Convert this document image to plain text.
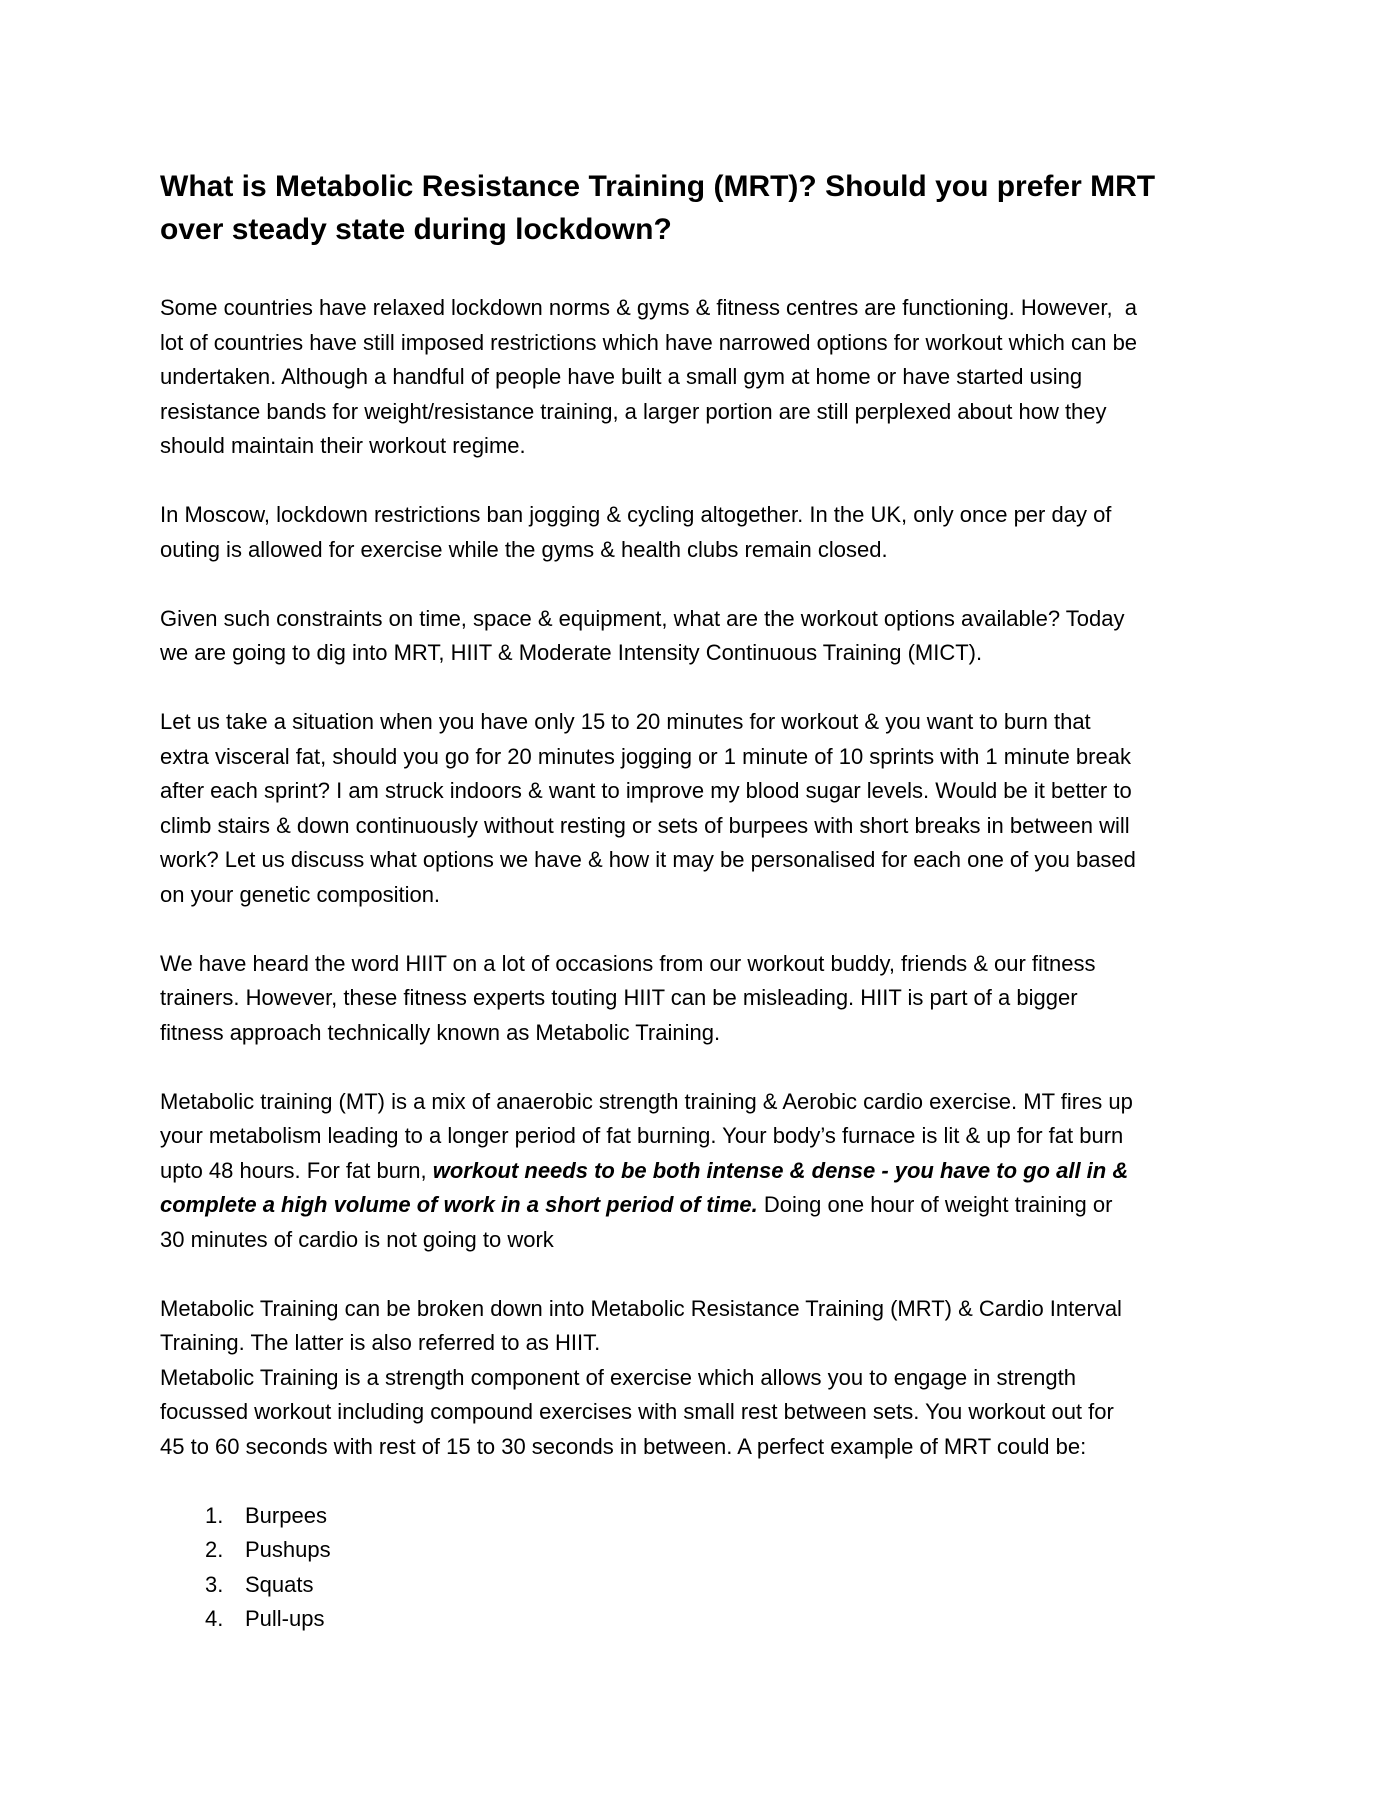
What is Metabolic Resistance Training (MRT)? Should you prefer MRT
over steady state during lockdown?
Some countries have relaxed lockdown norms & gyms & fitness centres are functioning. However,  a
lot of countries have still imposed restrictions which have narrowed options for workout which can be
undertaken. Although a handful of people have built a small gym at home or have started using
resistance bands for weight/resistance training, a larger portion are still perplexed about how they
should maintain their workout regime.
In Moscow, lockdown restrictions ban jogging & cycling altogether. In the UK, only once per day of
outing is allowed for exercise while the gyms & health clubs remain closed.
Given such constraints on time, space & equipment, what are the workout options available? Today
we are going to dig into MRT, HIIT & Moderate Intensity Continuous Training (MICT).
Let us take a situation when you have only 15 to 20 minutes for workout & you want to burn that
extra visceral fat, should you go for 20 minutes jogging or 1 minute of 10 sprints with 1 minute break
after each sprint? I am struck indoors & want to improve my blood sugar levels. Would be it better to
climb stairs & down continuously without resting or sets of burpees with short breaks in between will
work? Let us discuss what options we have & how it may be personalised for each one of you based
on your genetic composition.
We have heard the word HIIT on a lot of occasions from our workout buddy, friends & our fitness
trainers. However, these fitness experts touting HIIT can be misleading. HIIT is part of a bigger
fitness approach technically known as Metabolic Training.
Metabolic training (MT) is a mix of anaerobic strength training & Aerobic cardio exercise. MT fires up
your metabolism leading to a longer period of fat burning. Your body’s furnace is lit & up for fat burn
upto 48 hours. For fat burn, workout needs to be both intense & dense - you have to go all in &
complete a high volume of work in a short period of time. Doing one hour of weight training or
30 minutes of cardio is not going to work
Metabolic Training can be broken down into Metabolic Resistance Training (MRT) & Cardio Interval
Training. The latter is also referred to as HIIT.
Metabolic Training is a strength component of exercise which allows you to engage in strength
focussed workout including compound exercises with small rest between sets. You workout out for
45 to 60 seconds with rest of 15 to 30 seconds in between. A perfect example of MRT could be:
1. Burpees
2. Pushups
3. Squats
4. Pull-ups
